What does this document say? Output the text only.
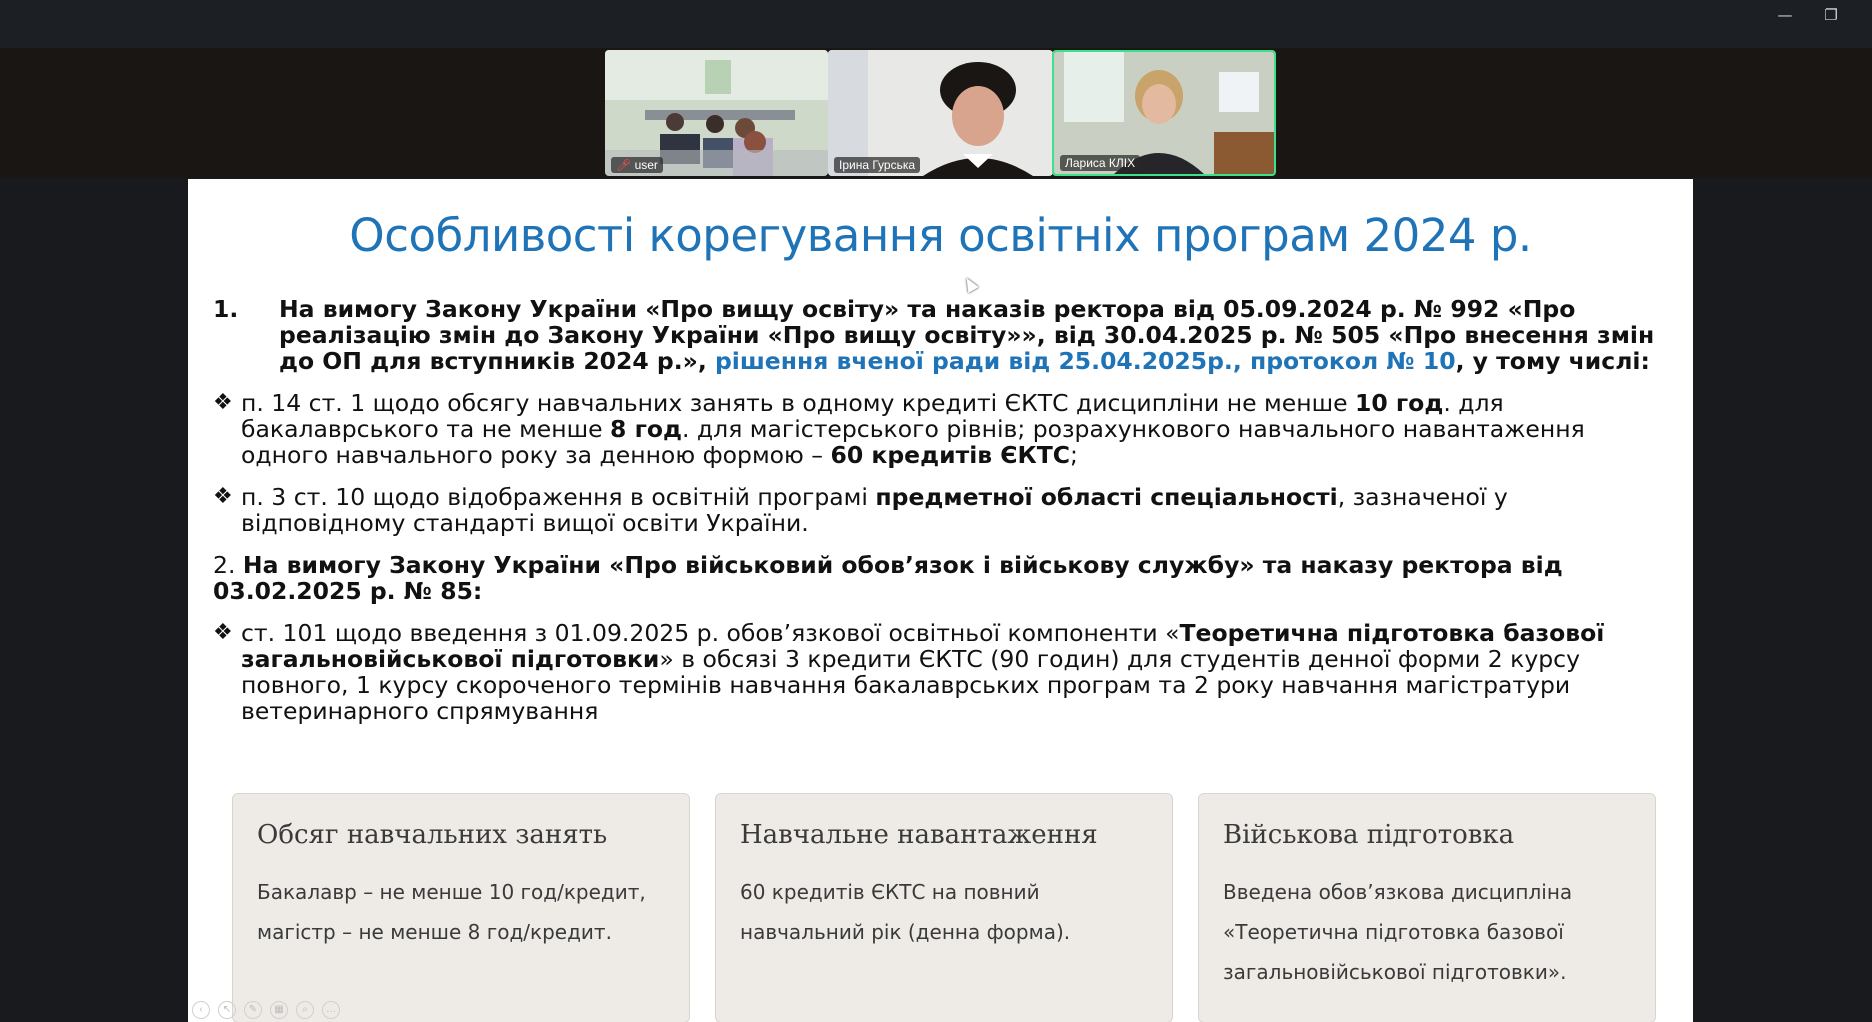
—	❐
🎤︎ user	Ірина Гурська	Лариса КЛІХ
Особливості корегування освітніх програм 2024 р.
1.	На вимогу Закону України «Про вищу освіту» та наказів ректора від 05.09.2024 р. № 992 «Про реалізацію змін до Закону України «Про вищу освіту»», від 30.04.2025 р. № 505 «Про внесення змін до ОП для вступників 2024 р.», рішення вченої ради від 25.04.2025р., протокол № 10, у тому числі:
❖ п. 14 ст. 1 щодо обсягу навчальних занять в одному кредиті ЄКТС дисципліни не менше 10 год. для бакалаврського та не менше 8 год. для магістерського рівнів; розрахункового навчального навантаження одного навчального року за денною формою – 60 кредитів ЄКТС;
❖ п. 3 ст. 10 щодо відображення в освітній програмі предметної області спеціальності, зазначеної у відповідному стандарті вищої освіти України.
2. На вимогу Закону України «Про військовий обов’язок і військову службу» та наказу ректора від 03.02.2025 р. № 85:
❖ ст. 101 щодо введення з 01.09.2025 р. обов’язкової освітньої компоненти «Теоретична підготовка базової загальновійськової підготовки» в обсязі 3 кредити ЄКТС (90 годин) для студентів денної форми 2 курсу повного, 1 курсу скороченого термінів навчання бакалаврських програм та 2 року навчання магістратури ветеринарного спрямування
Обсяг навчальних занять
Бакалавр – не менше 10 год/кредит, магістр – не менше 8 год/кредит.
Навчальне навантаження
60 кредитів ЄКТС на повний навчальний рік (денна форма).
Військова підготовка
Введена обов’язкова дисципліна «Теоретична підготовка базової загальновійськової підготовки».
‹ ↖ ✎ ▦ ⌕ …
